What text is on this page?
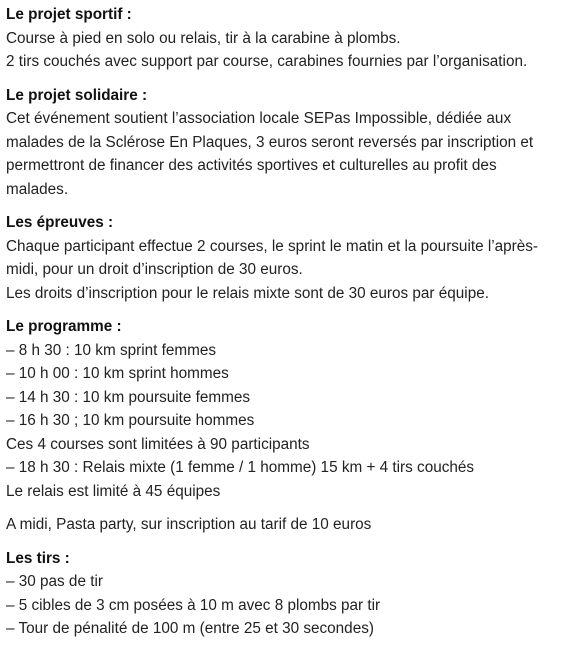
Le projet sportif :
Course à pied en solo ou relais, tir à la carabine à plombs.
2 tirs couchés avec support par course, carabines fournies par l’organisation.
Le projet solidaire :
Cet événement soutient l’association locale SEPas Impossible, dédiée aux
malades de la Sclérose En Plaques, 3 euros seront reversés par inscription et
permettront de financer des activités sportives et culturelles au profit des
malades.
Les épreuves :
Chaque participant effectue 2 courses, le sprint le matin et la poursuite l’après-
midi, pour un droit d’inscription de 30 euros.
Les droits d’inscription pour le relais mixte sont de 30 euros par équipe.
Le programme :
– 8 h 30 : 10 km sprint femmes
– 10 h 00 : 10 km sprint hommes
– 14 h 30 : 10 km poursuite femmes
– 16 h 30 ; 10 km poursuite hommes
Ces 4 courses sont limitées à 90 participants
– 18 h 30 : Relais mixte (1 femme / 1 homme) 15 km + 4 tirs couchés
Le relais est limité à 45 équipes
A midi, Pasta party, sur inscription au tarif de 10 euros
Les tirs :
– 30 pas de tir
– 5 cibles de 3 cm posées à 10 m avec 8 plombs par tir
– Tour de pénalité de 100 m (entre 25 et 30 secondes)
